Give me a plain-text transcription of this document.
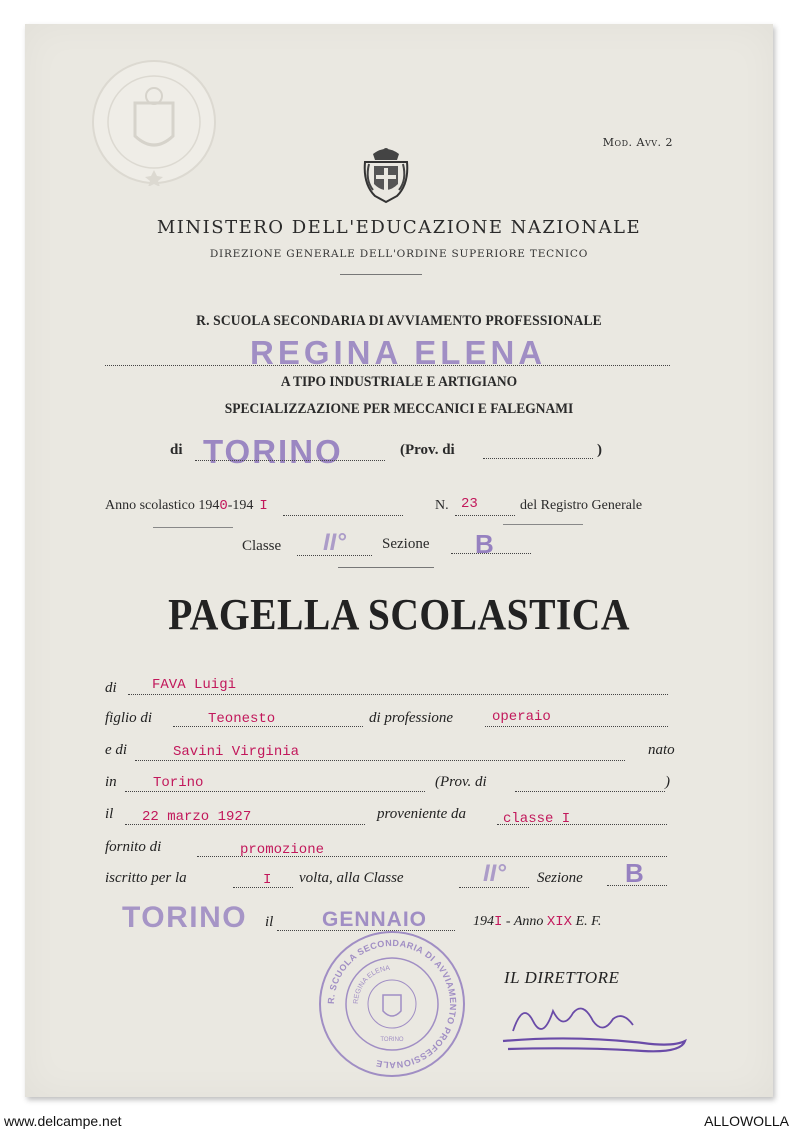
Mod. Avv. 2
MINISTERO DELL'EDUCAZIONE NAZIONALE
DIREZIONE GENERALE DELL'ORDINE SUPERIORE TECNICO
R. SCUOLA SECONDARIA DI AVVIAMENTO PROFESSIONALE
REGINA ELENA
A TIPO INDUSTRIALE E ARTIGIANO
SPECIALIZZAZIONE PER MECCANICI E FALEGNAMI
di TORINO	(Prov. di	)
Anno scolastico 1940-194 I	N. 23	del Registro Generale
Classe II° Sezione B
PAGELLA SCOLASTICA
di	FAVA Luigi
figlio di	Teonesto	di professione	operaio
e di	Savini Virginia	nato
in	Torino	(Prov. di	)
il 22 marzo 1927	proveniente da	classe I
fornito di	promozione
iscritto per la	I volta, alla Classe	II° Sezione B
TORINO il GENNAIO	194I - Anno XIX E. F.
R. SCUOLA SECONDARIA DI AVVIAMENTO PROFESSIONALE
REGINA ELENA
TORINO
IL DIRETTORE
www.delcampe.net	ALLOWOLLA
